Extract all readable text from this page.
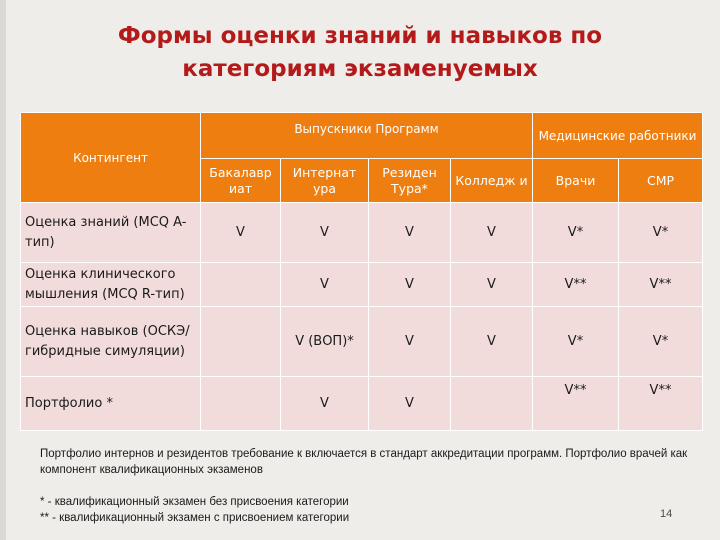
Формы оценки знаний и навыков по категориям экзаменуемых
Контингент	Выпускники Программ				Медицинские работники	
	Бакалавр иат	Интернат ура	Резиден Тура*	Колледж и	Врачи	СМР
Оценка знаний (MCQ A-тип)	V	V	V	V	V*	V*
Оценка клинического мышления (MCQ R-тип)		V	V	V	V**	V**
Оценка навыков (ОСКЭ/гибридные симуляции)		V (ВОП)*	V	V	V*	V*
Портфолио *		V	V		V**	V**
Портфолио интернов и резидентов требование к включается в стандарт аккредитации программ. Портфолио врачей как компонент квалификационных экзаменов
* - квалификационный экзамен без присвоения категории
** - квалификационный экзамен с присвоением категории	14
